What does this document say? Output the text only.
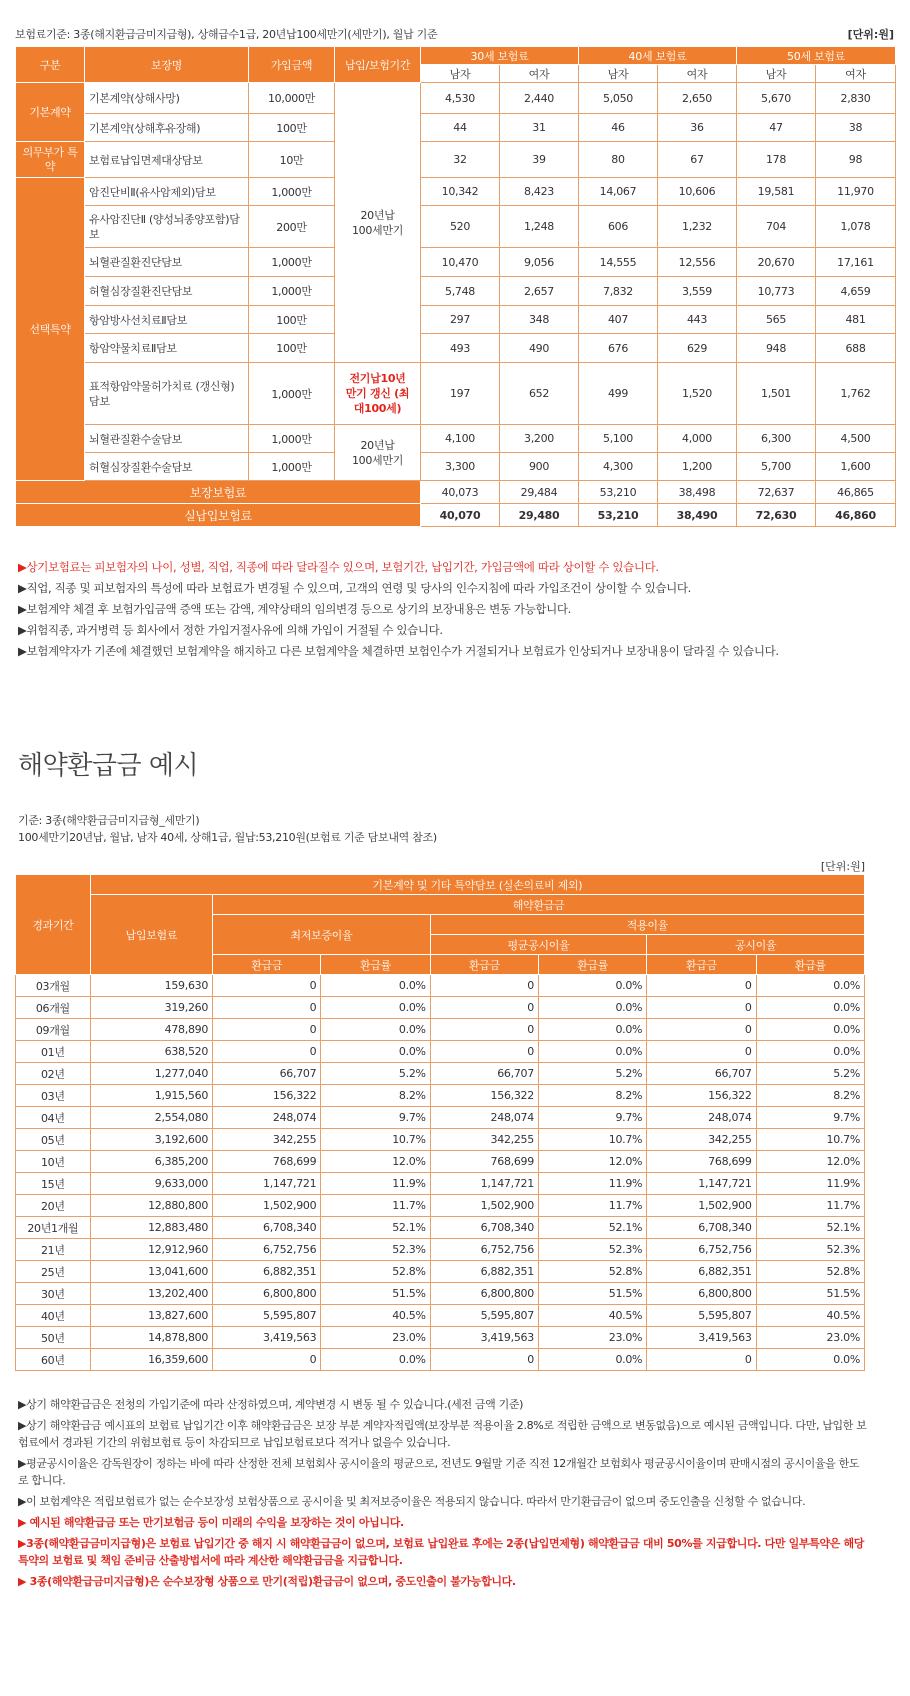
보험료기준: 3종(해지환급금미지급형), 상해급수1급, 20년납100세만기(세만기), 월납 기준	[단위:원]
구분	보장명	가입금액	납입/보험기간	30세 보험료		40세 보험료		50세 보험료	
				남자	여자	남자	여자	남자	여자
기본계약	기본계약(상해사망)	10,000만	20년납 100세만기	4,530	2,440	5,050	2,650	5,670	2,830
	기본계약(상해후유장해)	100만		44	31	46	36	47	38
의무부가 특약	보험료납입면제대상담보	10만		32	39	80	67	178	98
선택특약	암진단비Ⅱ(유사암제외)담보	1,000만		10,342	8,423	14,067	10,606	19,581	11,970
	유사암진단Ⅱ (양성뇌종양포함)담보	200만		520	1,248	606	1,232	704	1,078
	뇌혈관질환진단담보	1,000만		10,470	9,056	14,555	12,556	20,670	17,161
	허혈심장질환진단담보	1,000만		5,748	2,657	7,832	3,559	10,773	4,659
	항암방사선치료Ⅱ담보	100만		297	348	407	443	565	481
	항암약물치료Ⅱ담보	100만		493	490	676	629	948	688
	표적항암약물허가치료 (갱신형)담보	1,000만	전기납10년만기 갱신 (최대100세)	197	652	499	1,520	1,501	1,762
	뇌혈관질환수술담보	1,000만	20년납 100세만기	4,100	3,200	5,100	4,000	6,300	4,500
	허혈심장질환수술담보	1,000만		3,300	900	4,300	1,200	5,700	1,600
보장보험료				40,073	29,484	53,210	38,498	72,637	46,865
실납입보험료				40,070	29,480	53,210	38,490	72,630	46,860

▶상기보험료는 피보험자의 나이, 성별, 직업, 직종에 따라 달라질수 있으며, 보험기간, 납입기간, 가입금액에 따라 상이할 수 있습니다.

▶직업, 직종 및 피보험자의 특성에 따라 보험료가 변경될 수 있으며, 고객의 연령 및 당사의 인수지침에 따라 가입조건이 상이할 수 있습니다.

▶보험계약 체결 후 보험가입금액 증액 또는 감액, 계약상태의 임의변경 등으로 상기의 보장내용은 변동 가능합니다.

▶위험직종, 과거병력 등 회사에서 정한 가입거절사유에 의해 가입이 거절될 수 있습니다.

▶보험계약자가 기존에 체결했던 보험계약을 해지하고 다른 보험계약을 체결하면 보험인수가 거절되거나 보험료가 인상되거나 보장내용이 달라질 수 있습니다.

해약환급금 예시
기준: 3종(해약환급금미지급형_세만기)
100세만기20년납, 월납, 남자 40세, 상해1급, 월납:53,210원(보험료 기준 담보내역 참조)
[단위:원]
경과기간	기본계약 및 기타 특약담보 (실손의료비 제외)						
	납입보험료	해약환급금					
		최저보증이율		적용이율			
				평균공시이율		공시이율	
		환급금	환급률	환급금	환급률	환급금	환급률
03개월	159,630	0	0.0%	0	0.0%	0	0.0%
06개월	319,260	0	0.0%	0	0.0%	0	0.0%
09개월	478,890	0	0.0%	0	0.0%	0	0.0%
01년	638,520	0	0.0%	0	0.0%	0	0.0%
02년	1,277,040	66,707	5.2%	66,707	5.2%	66,707	5.2%
03년	1,915,560	156,322	8.2%	156,322	8.2%	156,322	8.2%
04년	2,554,080	248,074	9.7%	248,074	9.7%	248,074	9.7%
05년	3,192,600	342,255	10.7%	342,255	10.7%	342,255	10.7%
10년	6,385,200	768,699	12.0%	768,699	12.0%	768,699	12.0%
15년	9,633,000	1,147,721	11.9%	1,147,721	11.9%	1,147,721	11.9%
20년	12,880,800	1,502,900	11.7%	1,502,900	11.7%	1,502,900	11.7%
20년1개월	12,883,480	6,708,340	52.1%	6,708,340	52.1%	6,708,340	52.1%
21년	12,912,960	6,752,756	52.3%	6,752,756	52.3%	6,752,756	52.3%
25년	13,041,600	6,882,351	52.8%	6,882,351	52.8%	6,882,351	52.8%
30년	13,202,400	6,800,800	51.5%	6,800,800	51.5%	6,800,800	51.5%
40년	13,827,600	5,595,807	40.5%	5,595,807	40.5%	5,595,807	40.5%
50년	14,878,800	3,419,563	23.0%	3,419,563	23.0%	3,419,563	23.0%
60년	16,359,600	0	0.0%	0	0.0%	0	0.0%

▶상기 해약환급금은 전청의 가입기준에 따라 산정하였으며, 계약변경 시 변동 될 수 있습니다.(세전 금액 기준)

▶상기 해약환급금 예시표의 보험료 납입기간 이후 해약환급금은 보장 부분 계약자적립액(보장부분 적용이율 2.8%로 적립한 금액으로 변동없음)으로 예시된 금액입니다. 다만, 납입한 보험료에서 경과된 기간의 위험보험료 등이 차감되므로 납입보험료보다 적거나 없을수 있습니다.

▶평균공시이율은 감독원장이 정하는 바에 따라 산정한 전체 보험회사 공시이율의 평균으로, 전년도 9월말 기준 직전 12개월간 보험회사 평균공시이율이며 판매시점의 공시이율을 한도로 합니다.

▶이 보험계약은 적립보험료가 없는 순수보장성 보험상품으로 공시이율 및 최저보증이율은 적용되지 않습니다. 따라서 만기환급금이 없으며 중도인출을 신청할 수 없습니다.

▶ 예시된 해약환급금 또는 만기보험금 등이 미래의 수익을 보장하는 것이 아닙니다.

▶3종(해약환급금미지급형)은 보험료 납입기간 중 해지 시 해약환급금이 없으며, 보험료 납입완료 후에는 2종(납입면제형) 해약환급금 대비 50%를 지급합니다. 다만 일부특약은 해당 특약의 보험료 및 책임 준비금 산출방법서에 따라 계산한 해약환급금을 지급합니다.

▶ 3종(해약환급금미지급형)은 순수보장형 상품으로 만기(적립)환급금이 없으며, 중도인출이 불가능합니다.
